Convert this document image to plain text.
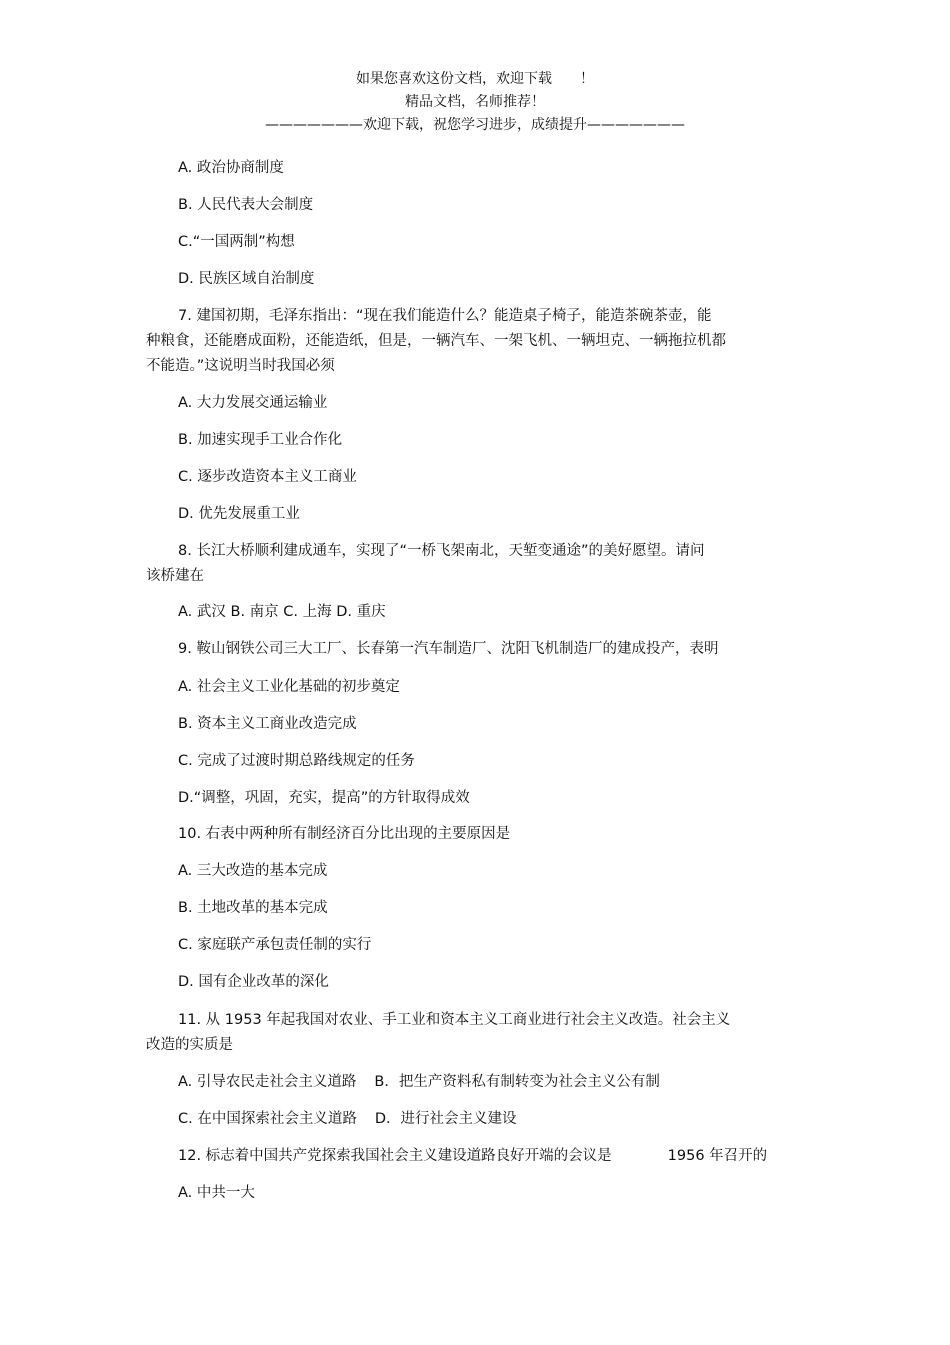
如果您喜欢这份文档，欢迎下载　　！
精品文档，名师推荐！
———————欢迎下载，祝您学习进步，成绩提升———————
A. 政治协商制度
B. 人民代表大会制度
C.“一国两制”构想
D. 民族区域自治制度
7. 建国初期，毛泽东指出：“现在我们能造什么？能造桌子椅子，能造茶碗茶壶，能
种粮食，还能磨成面粉，还能造纸，但是，一辆汽车、一架飞机、一辆坦克、一辆拖拉机都
不能造。”这说明当时我国必须
A. 大力发展交通运输业
B. 加速实现手工业合作化
C. 逐步改造资本主义工商业
D. 优先发展重工业
8. 长江大桥顺利建成通车，实现了“一桥飞架南北，天堑变通途”的美好愿望。请问
该桥建在
A. 武汉 B. 南京 C. 上海 D. 重庆
9. 鞍山钢铁公司三大工厂、长春第一汽车制造厂、沈阳飞机制造厂的建成投产，表明
A. 社会主义工业化基础的初步奠定
B. 资本主义工商业改造完成
C. 完成了过渡时期总路线规定的任务
D.“调整，巩固，充实，提高”的方针取得成效
10. 右表中两种所有制经济百分比出现的主要原因是
A. 三大改造的基本完成
B. 土地改革的基本完成
C. 家庭联产承包责任制的实行
D. 国有企业改革的深化
11. 从 1953 年起我国对农业、手工业和资本主义工商业进行社会主义改造。社会主义
改造的实质是
A. 引导农民走社会主义道路 B．把生产资料私有制转变为社会主义公有制
C. 在中国探索社会主义道路 D．进行社会主义建设
12. 标志着中国共产党探索我国社会主义建设道路良好开端的会议是	1956 年召开的
A. 中共一大
